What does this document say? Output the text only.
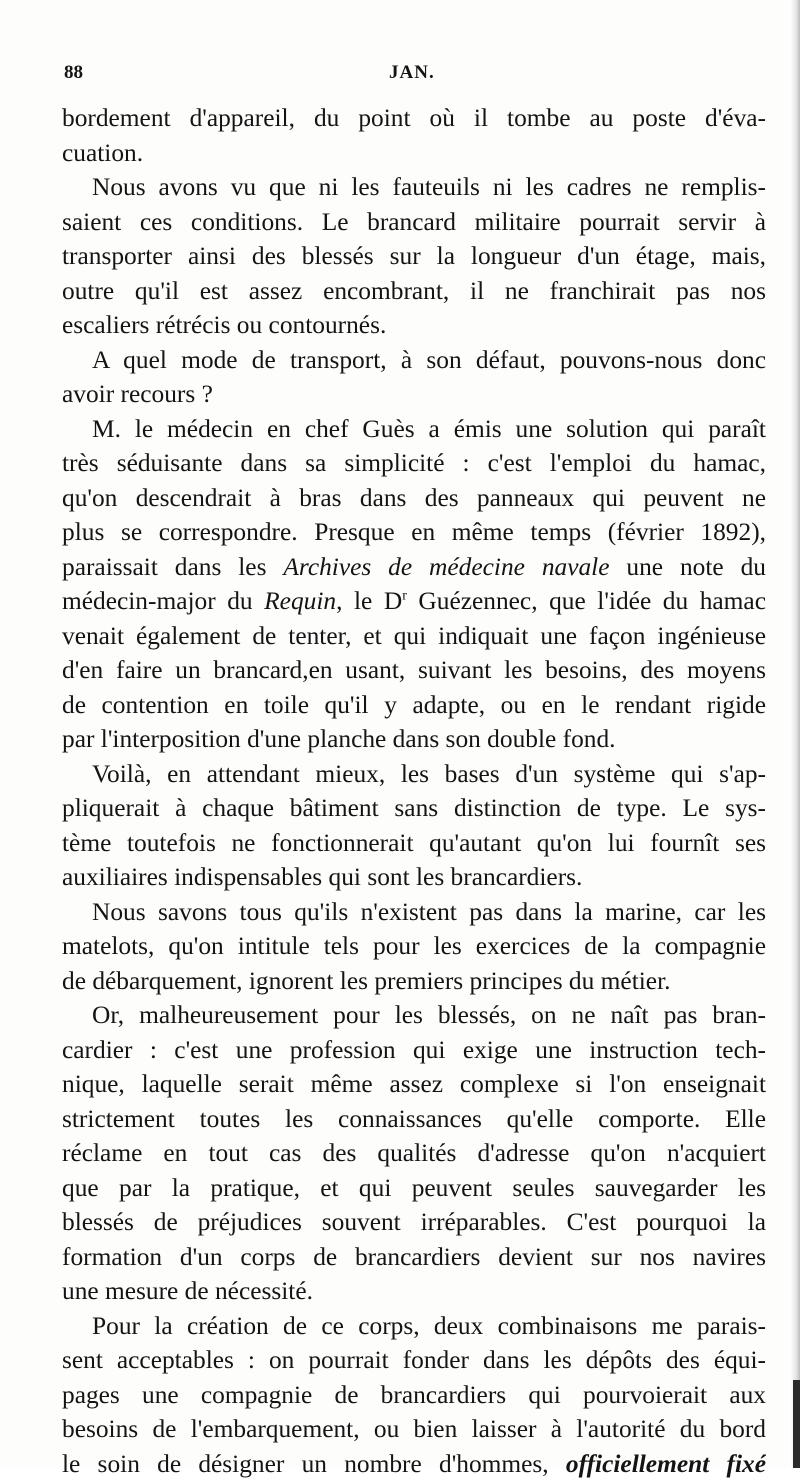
88	JAN.
bordement d'appareil, du point où il tombe au poste d'éva-
cuation.
Nous avons vu que ni les fauteuils ni les cadres ne remplis-
saient ces conditions. Le brancard militaire pourrait servir à
transporter ainsi des blessés sur la longueur d'un étage, mais,
outre qu'il est assez encombrant, il ne franchirait pas nos
escaliers rétrécis ou contournés.
A quel mode de transport, à son défaut, pouvons-nous donc
avoir recours ?
M. le médecin en chef Guès a émis une solution qui paraît
très séduisante dans sa simplicité : c'est l'emploi du hamac,
qu'on descendrait à bras dans des panneaux qui peuvent ne
plus se correspondre. Presque en même temps (février 1892),
paraissait dans les Archives de médecine navale une note du
médecin-major du Requin, le $D^r$ Guézennec, que l'idée du hamac
venait également de tenter, et qui indiquait une façon ingénieuse
d'en faire un brancard,en usant, suivant les besoins, des moyens
de contention en toile qu'il y adapte, ou en le rendant rigide
par l'interposition d'une planche dans son double fond.
Voilà, en attendant mieux, les bases d'un système qui s'ap-
pliquerait à chaque bâtiment sans distinction de type. Le sys-
tème toutefois ne fonctionnerait qu'autant qu'on lui fournît ses
auxiliaires indispensables qui sont les brancardiers.
Nous savons tous qu'ils n'existent pas dans la marine, car les
matelots, qu'on intitule tels pour les exercices de la compagnie
de débarquement, ignorent les premiers principes du métier.
Or, malheureusement pour les blessés, on ne naît pas bran-
cardier : c'est une profession qui exige une instruction tech-
nique, laquelle serait même assez complexe si l'on enseignait
strictement toutes les connaissances qu'elle comporte. Elle
réclame en tout cas des qualités d'adresse qu'on n'acquiert
que par la pratique, et qui peuvent seules sauvegarder les
blessés de préjudices souvent irréparables. C'est pourquoi la
formation d'un corps de brancardiers devient sur nos navires
une mesure de nécessité.
Pour la création de ce corps, deux combinaisons me parais-
sent acceptables : on pourrait fonder dans les dépôts des équi-
pages une compagnie de brancardiers qui pourvoierait aux
besoins de l'embarquement, ou bien laisser à l'autorité du bord
le soin de désigner un nombre d'hommes, officiellement fixé
